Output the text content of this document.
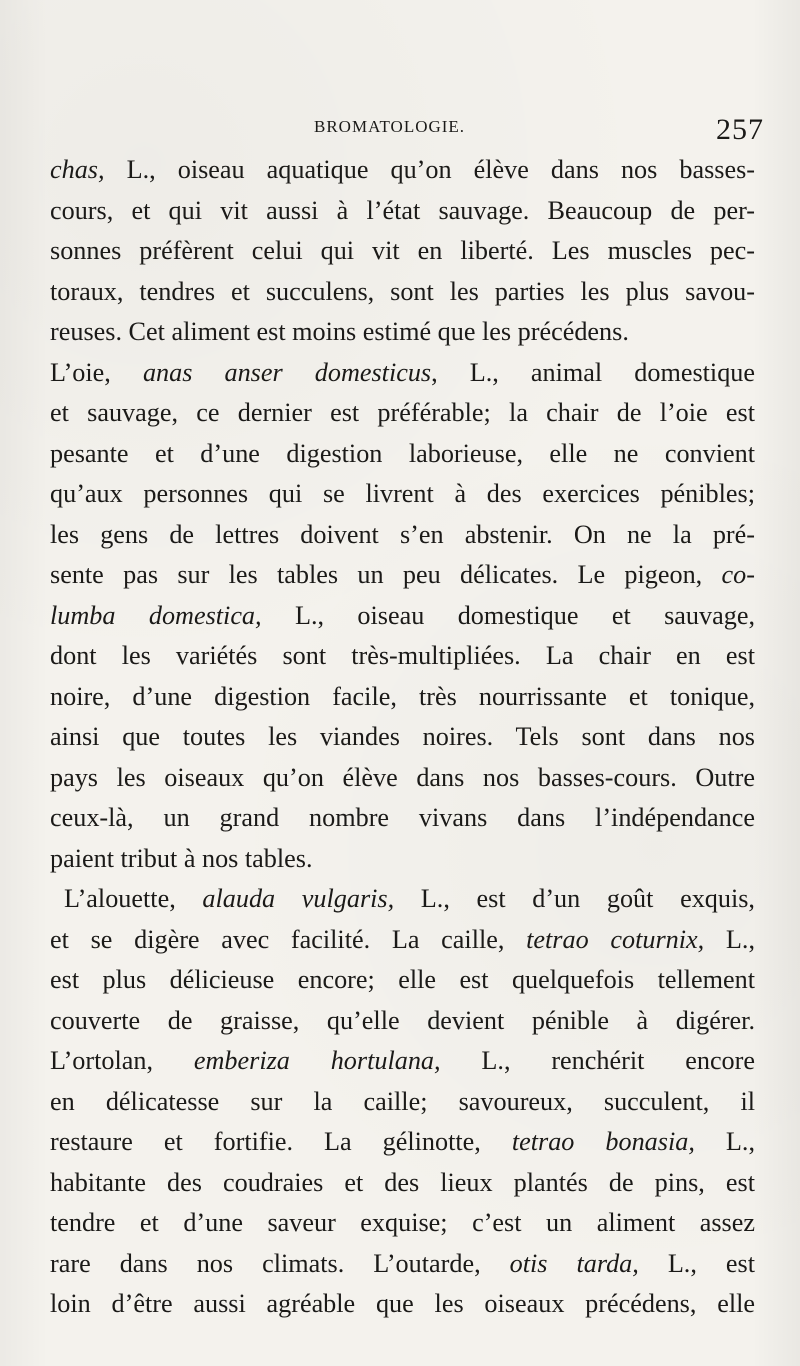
BROMATOLOGIE.	257
chas, L., oiseau aquatique qu’on élève dans nos basses-
cours, et qui vit aussi à l’état sauvage. Beaucoup de per-
sonnes préfèrent celui qui vit en liberté. Les muscles pec-
toraux, tendres et succulens, sont les parties les plus savou-
reuses. Cet aliment est moins estimé que les précédens.
L’oie, anas anser domesticus, L., animal domestique
et sauvage, ce dernier est préférable; la chair de l’oie est
pesante et d’une digestion laborieuse, elle ne convient
qu’aux personnes qui se livrent à des exercices pénibles;
les gens de lettres doivent s’en abstenir. On ne la pré-
sente pas sur les tables un peu délicates. Le pigeon, co-
lumba domestica, L., oiseau domestique et sauvage,
dont les variétés sont très-multipliées. La chair en est
noire, d’une digestion facile, très nourrissante et tonique,
ainsi que toutes les viandes noires. Tels sont dans nos
pays les oiseaux qu’on élève dans nos basses-cours. Outre
ceux-là, un grand nombre vivans dans l’indépendance
paient tribut à nos tables.
L’alouette, alauda vulgaris, L., est d’un goût exquis,
et se digère avec facilité. La caille, tetrao coturnix, L.,
est plus délicieuse encore; elle est quelquefois tellement
couverte de graisse, qu’elle devient pénible à digérer.
L’ortolan, emberiza hortulana, L., renchérit encore
en délicatesse sur la caille; savoureux, succulent, il
restaure et fortifie. La gélinotte, tetrao bonasia, L.,
habitante des coudraies et des lieux plantés de pins, est
tendre et d’une saveur exquise; c’est un aliment assez
rare dans nos climats. L’outarde, otis tarda, L., est
loin d’être aussi agréable que les oiseaux précédens, elle
